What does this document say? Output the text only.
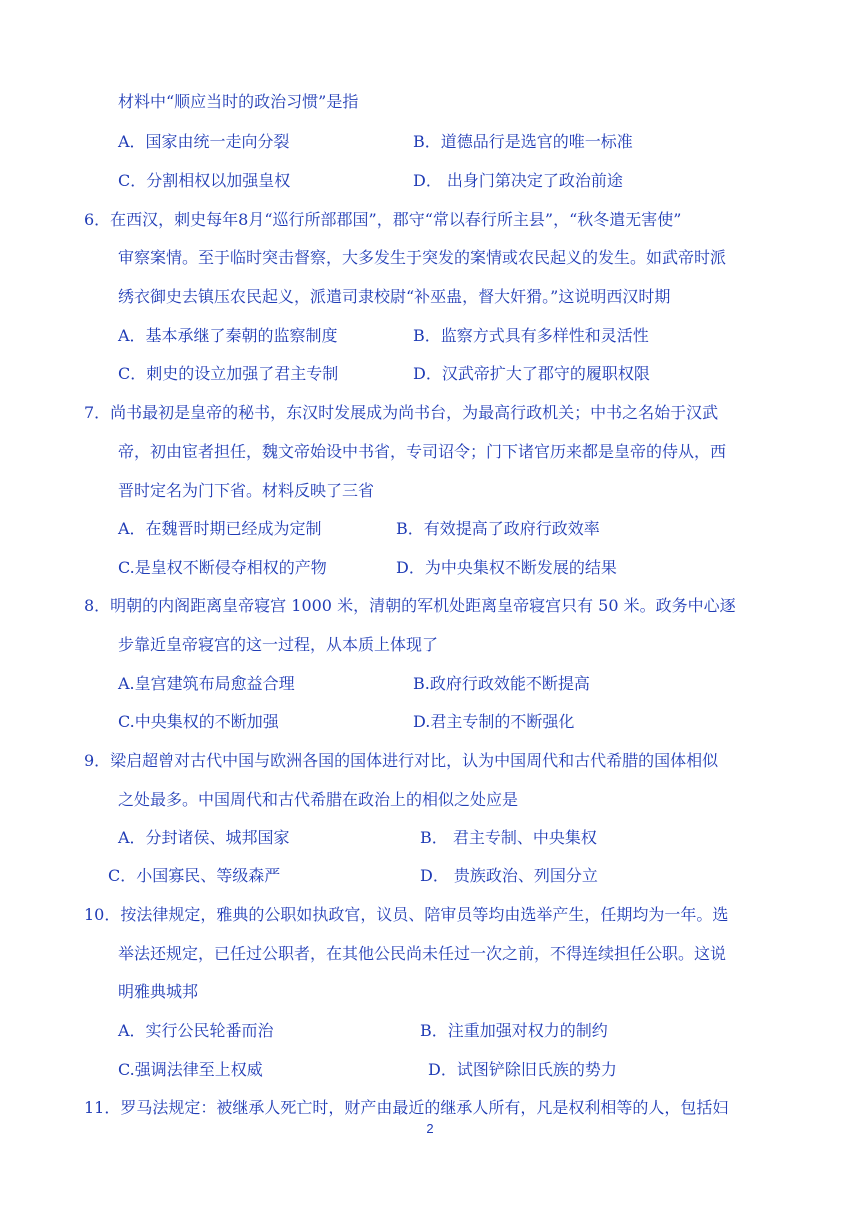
材料中“顺应当时的政治习惯”是指
A．国家由统一走向分裂	B．道德品行是选官的唯一标准
C．分割相权以加强皇权	D． 出身门第决定了政治前途
6．在西汉，刺史每年8月“巡行所部郡国”，郡守“常以春行所主县”，“秋冬遣无害使”
审察案情。至于临时突击督察，大多发生于突发的案情或农民起义的发生。如武帝时派
绣衣御史去镇压农民起义，派遣司隶校尉“补巫蛊，督大奸猾。”这说明西汉时期
A．基本承继了秦朝的监察制度	B．监察方式具有多样性和灵活性
C．刺史的设立加强了君主专制	D．汉武帝扩大了郡守的履职权限
7．尚书最初是皇帝的秘书，东汉时发展成为尚书台，为最高行政机关；中书之名始于汉武
帝，初由宦者担任，魏文帝始设中书省，专司诏令；门下诸官历来都是皇帝的侍从，西
晋时定名为门下省。材料反映了三省
A．在魏晋时期已经成为定制	B．有效提高了政府行政效率
C.是皇权不断侵夺相权的产物	D．为中央集权不断发展的结果
8．明朝的内阁距离皇帝寝宫 1000 米，清朝的军机处距离皇帝寝宫只有 50 米。政务中心逐
步靠近皇帝寝宫的这一过程，从本质上体现了
A.皇宫建筑布局愈益合理	B.政府行政效能不断提高
C.中央集权的不断加强	D.君主专制的不断强化
9．梁启超曾对古代中国与欧洲各国的国体进行对比，认为中国周代和古代希腊的国体相似
之处最多。中国周代和古代希腊在政治上的相似之处应是
A．分封诸侯、城邦国家	B． 君主专制、中央集权
C．小国寡民、等级森严	D． 贵族政治、列国分立
10．按法律规定，雅典的公职如执政官，议员、陪审员等均由选举产生，任期均为一年。选
举法还规定，已任过公职者，在其他公民尚未任过一次之前，不得连续担任公职。这说
明雅典城邦
A．实行公民轮番而治	B．注重加强对权力的制约
C.强调法律至上权威	D．试图铲除旧氏族的势力
11．罗马法规定：被继承人死亡时，财产由最近的继承人所有，凡是权利相等的人，包括妇
2
